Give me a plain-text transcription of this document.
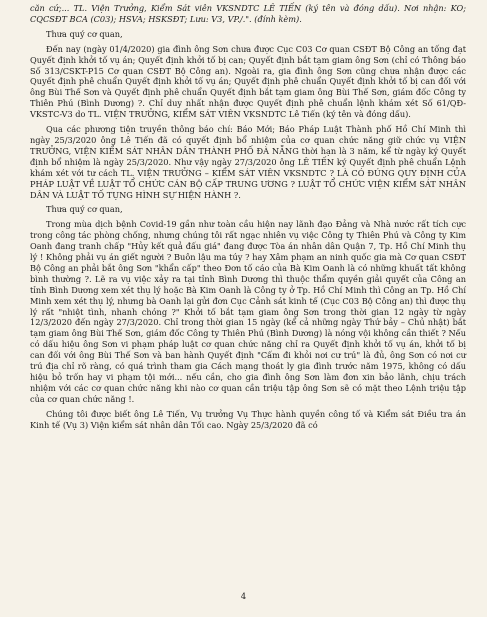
căn cứ;... TL. Viện Trưởng, Kiểm Sát viên VKSNDTC LÊ TIẾN (ký tên và đóng dấu). Nơi nhận: KO; CQCSĐT BCA (C03); HSVA; HSKSĐT; Lưu: V3, VP./.". (đính kèm).

Thưa quý cơ quan,

Đến nay (ngày 01/4/2020) gia đình ông Sơn chưa được Cục C03 Cơ quan CSĐT Bộ Công an tống đạt Quyết định khởi tố vụ án; Quyết định khởi tố bị can; Quyết định bắt tạm giam ông Sơn (chỉ có Thông báo Số 313/CSKT-P15 Cơ quan CSĐT Bộ Công an). Ngoài ra, gia đình ông Sơn cũng chưa nhận được các Quyết định phê chuẩn Quyết định khởi tố vụ án; Quyết định phê chuẩn Quyết định khởi tố bị can đối với ông Bùi Thế Sơn và Quyết định phê chuẩn Quyết định bắt tạm giam ông Bùi Thế Sơn, giám đốc Công ty Thiên Phú (Bình Dương) ?. Chỉ duy nhất nhận được Quyết định phê chuẩn lệnh khám xét Số 61/QĐ-VKSTC-V3 do TL. VIỆN TRƯỞNG, KIỂM SÁT VIÊN VKSNDTC Lê Tiến (ký tên và đóng dấu).

Qua các phương tiện truyền thông báo chí: Báo Mới; Báo Pháp Luật Thành phố Hồ Chí Minh thì ngày 25/3/2020 ông Lê Tiến đã có quyết định bổ nhiệm của cơ quan chức năng giữ chức vụ VIỆN TRƯỞNG, VIỆN KIỂM SÁT NHÂN DÂN THÀNH PHỐ ĐÀ NẴNG thời hạn là 3 năm, kể từ ngày ký Quyết định bổ nhiệm là ngày 25/3/2020. Như vậy ngày 27/3/2020 ông LÊ TIẾN ký Quyết định phê chuẩn Lệnh khám xét với tư cách TL. VIỆN TRƯỞNG – KIỂM SÁT VIÊN VKSNDTC ? LÀ CÓ ĐÚNG QUY ĐỊNH CỦA PHÁP LUẬT VỀ LUẬT TỔ CHỨC CÁN BỘ CẤP TRUNG ƯƠNG ? LUẬT TỔ CHỨC VIỆN KIỂM SÁT NHÂN DÂN VÀ LUẬT TỐ TỤNG HÌNH SỰ HIỆN HÀNH ?.

Thưa quý cơ quan,

Trong mùa dịch bệnh Covid-19 gần như toàn cầu hiện nay lãnh đạo Đảng và Nhà nước rất tích cực trong công tác phòng chống, nhưng chúng tôi rất ngạc nhiên vụ việc Công ty Thiên Phú và Công ty Kim Oanh đang tranh chấp "Hủy kết quả đấu giá" đang được Tòa án nhân dân Quận 7, Tp. Hồ Chí Minh thụ lý ! Không phải vụ án giết người ? Buôn lậu ma túy ? hay Xâm phạm an ninh quốc gia mà Cơ quan CSĐT Bộ Công an phải bắt ông Sơn "khẩn cấp" theo Đơn tố cáo của Bà Kim Oanh là có những khuất tất không bình thường ?. Lẽ ra vụ việc xảy ra tại tỉnh Bình Dương thì thuộc thẩm quyền giải quyết của Công an tỉnh Bình Dương xem xét thụ lý hoặc Bà Kim Oanh là Công ty ở Tp. Hồ Chí Minh thì Công an Tp. Hồ Chí Minh xem xét thụ lý, nhưng bà Oanh lại gửi đơn Cục Cảnh sát kinh tế (Cục C03 Bộ Công an) thì được thụ lý rất "nhiệt tình, nhanh chóng ?" Khởi tố bắt tạm giam ông Sơn trong thời gian 12 ngày từ ngày 12/3/2020 đến ngày 27/3/2020. Chỉ trong thời gian 15 ngày (kể cả những ngày Thứ bảy – Chủ nhật) bắt tạm giam ông Bùi Thế Sơn, giám đốc Công ty Thiên Phú (Bình Dương) là nóng vội không cần thiết ? Nếu có dấu hiệu ông Sơn vi phạm pháp luật cơ quan chức năng chỉ ra Quyết định khởi tố vụ án, khởi tố bị can đối với ông Bùi Thế Sơn và ban hành Quyết định "Cấm đi khỏi nơi cư trú" là đủ, ông Sơn có nơi cư trú địa chỉ rõ ràng, có quá trình tham gia Cách mạng thoát ly gia đình trước năm 1975, không có dấu hiệu bỏ trốn hay vi phạm tội mới... nếu cần, cho gia đình ông Sơn làm đơn xin bảo lãnh, chịu trách nhiệm với các cơ quan chức năng khi nào cơ quan cần triệu tập ông Sơn sẽ có mặt theo Lệnh triệu tập của cơ quan chức năng !.

Chúng tôi được biết ông Lê Tiến, Vụ trưởng Vụ Thực hành quyền công tố và Kiểm sát Điều tra án Kinh tế (Vụ 3) Viện kiểm sát nhân dân Tối cao. Ngày 25/3/2020 đã có

4
